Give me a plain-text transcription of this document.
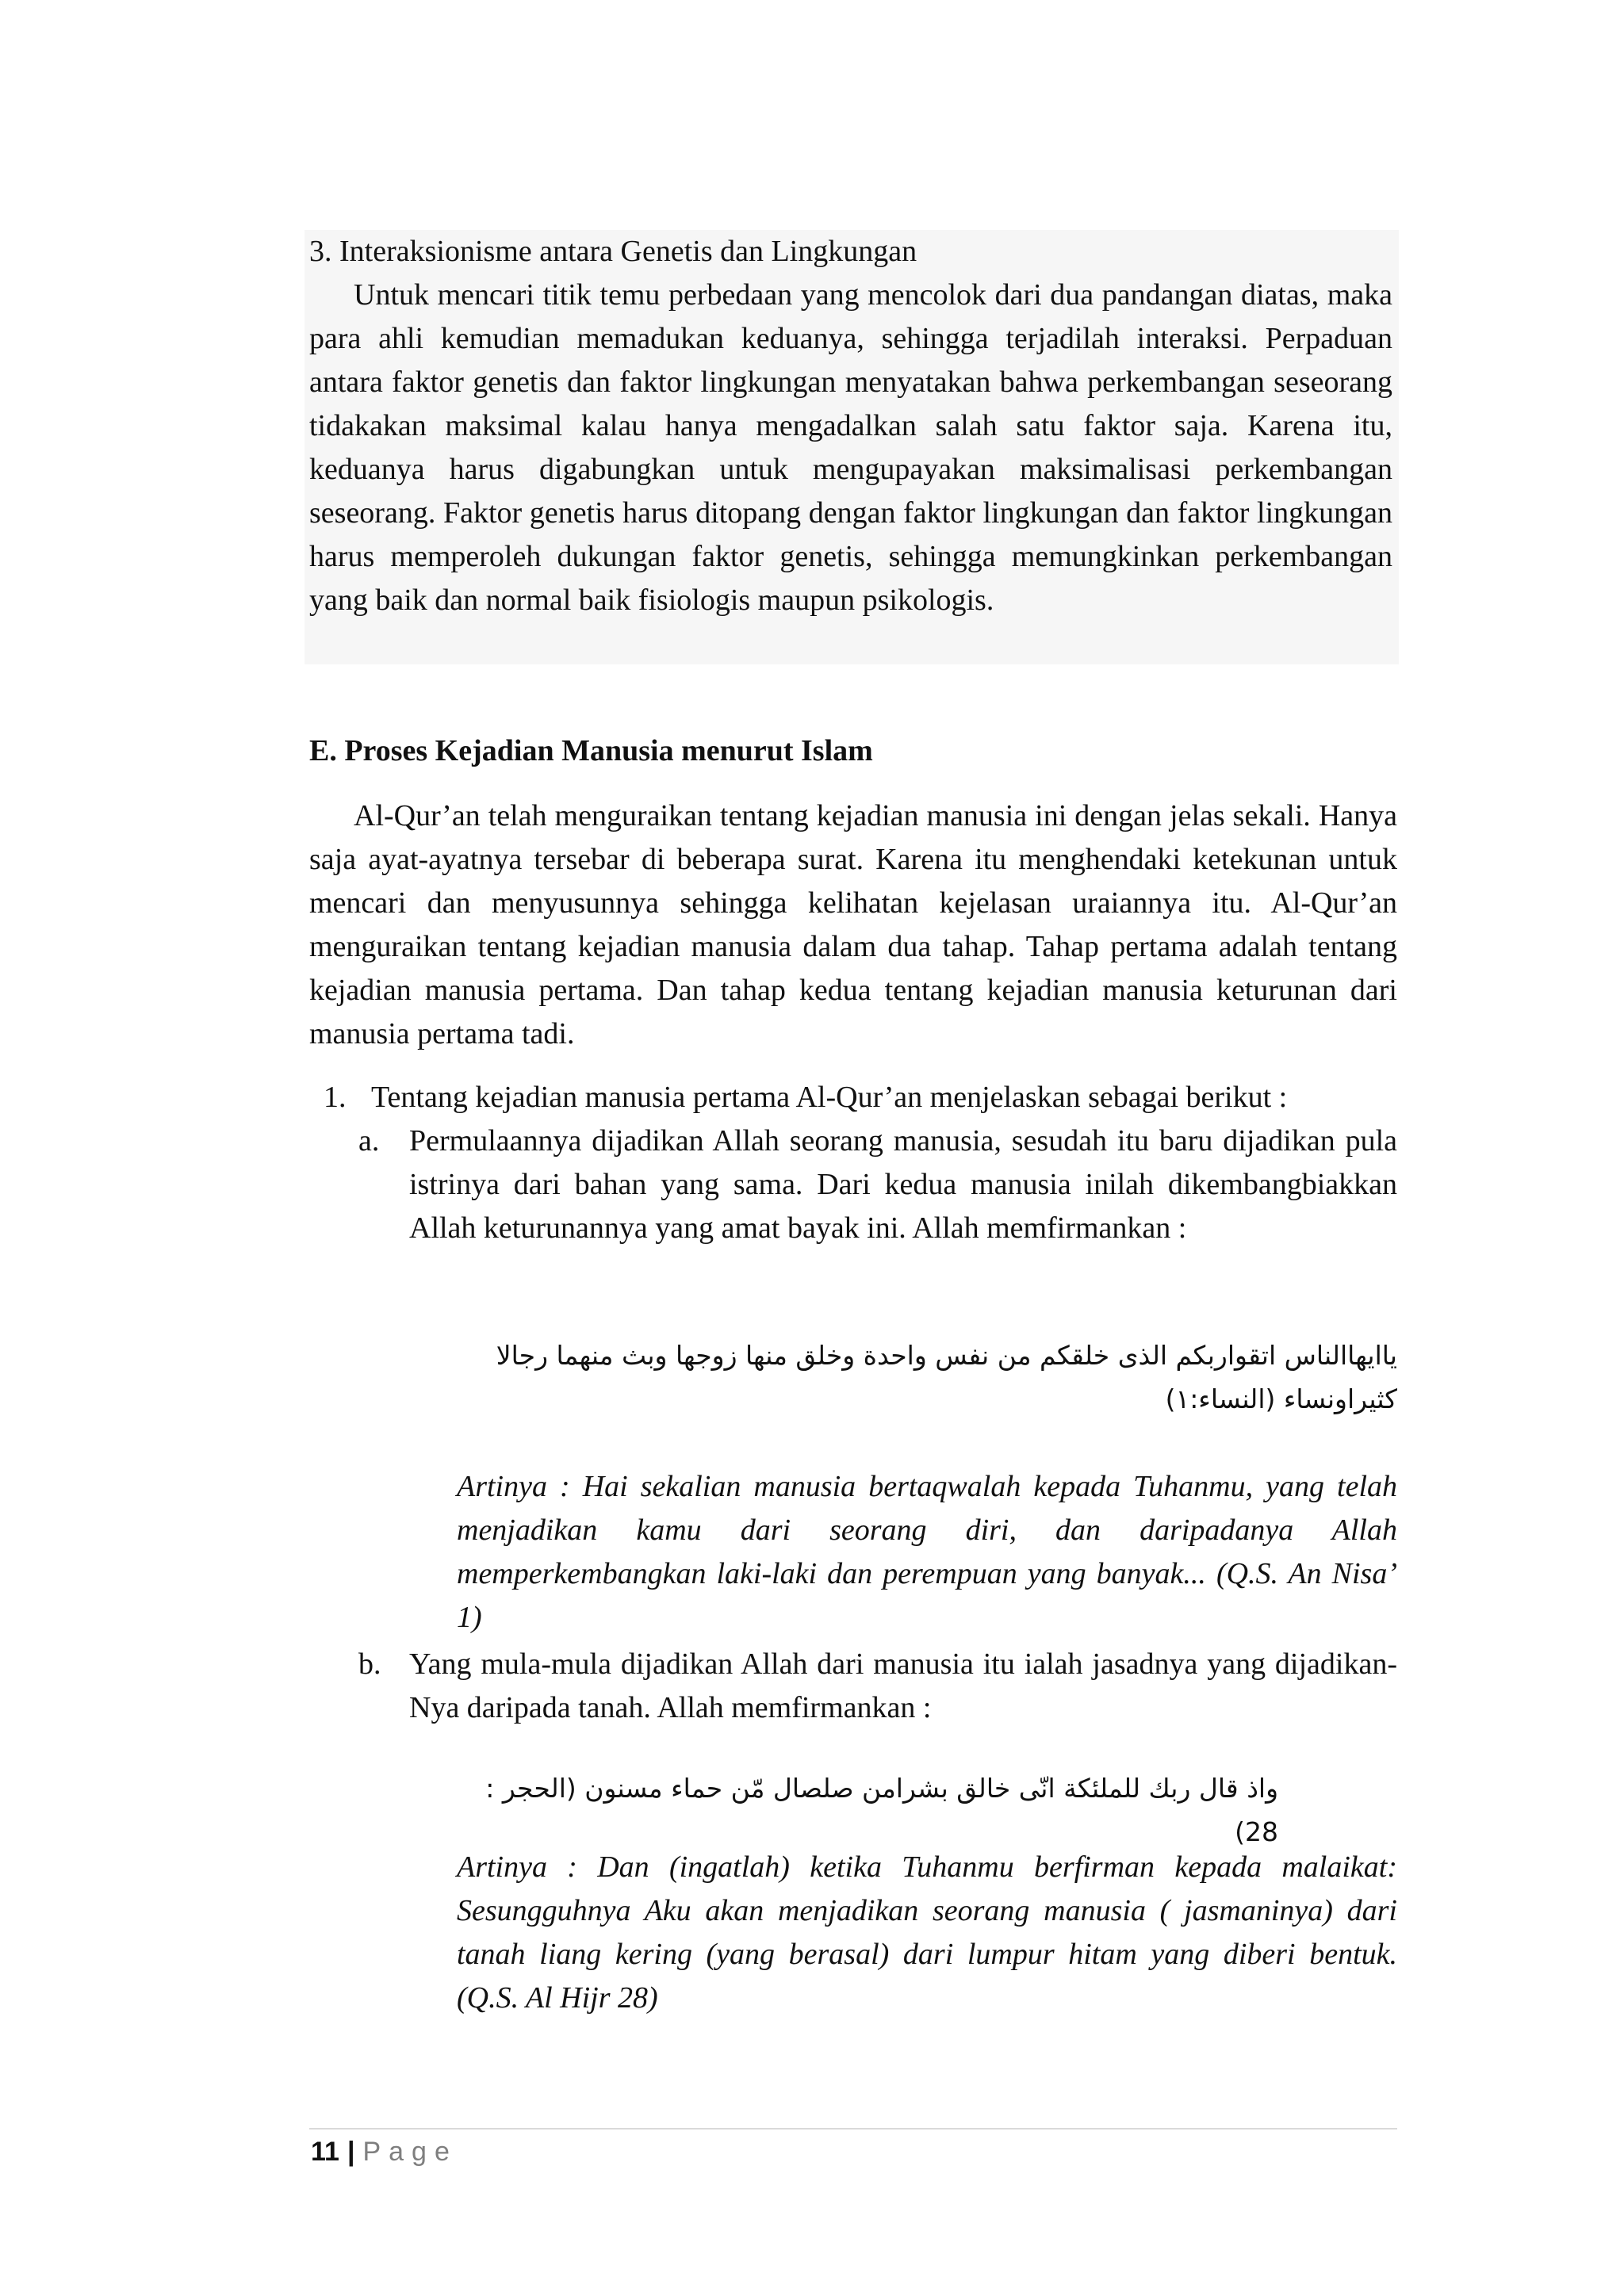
3. Interaksionisme antara Genetis dan Lingkungan
Untuk mencari titik temu perbedaan yang mencolok dari dua pandangan diatas, maka para ahli kemudian memadukan keduanya, sehingga terjadilah interaksi. Perpaduan antara faktor genetis dan faktor lingkungan menyatakan bahwa perkembangan seseorang tidakakan maksimal kalau hanya mengadalkan salah satu faktor saja. Karena itu, keduanya harus digabungkan untuk mengupayakan maksimalisasi perkembangan seseorang. Faktor genetis harus ditopang dengan faktor lingkungan dan faktor lingkungan harus memperoleh dukungan faktor genetis, sehingga memungkinkan perkembangan yang baik dan normal baik fisiologis maupun psikologis.
E. Proses Kejadian Manusia menurut Islam
Al-Qur’an telah menguraikan tentang kejadian manusia ini dengan jelas sekali. Hanya saja ayat-ayatnya tersebar di beberapa surat. Karena itu menghendaki ketekunan untuk mencari dan menyusunnya sehingga kelihatan kejelasan uraiannya itu. Al-Qur’an menguraikan tentang kejadian manusia dalam dua tahap. Tahap pertama adalah tentang kejadian manusia pertama. Dan tahap kedua tentang kejadian manusia keturunan dari manusia pertama tadi.
1. Tentang kejadian manusia pertama Al-Qur’an menjelaskan sebagai berikut :
a. Permulaannya dijadikan Allah seorang manusia, sesudah itu baru dijadikan pula istrinya dari bahan yang sama. Dari kedua manusia inilah dikembangbiakkan Allah keturunannya yang amat bayak ini. Allah memfirmankan :
ياايهاالناس اتقواربكم الذى خلقكم من نفس واحدة وخلق منها زوجها وبث منهما رجالا كثيراونساء (النساء:١)
Artinya : Hai sekalian manusia bertaqwalah kepada Tuhanmu, yang telah menjadikan kamu dari seorang diri, dan daripadanya Allah memperkembangkan laki-laki dan perempuan yang banyak... (Q.S. An Nisa’ 1)
b. Yang mula-mula dijadikan Allah dari manusia itu ialah jasadnya yang dijadikan-Nya daripada tanah. Allah memfirmankan :
واذ قال ربك للملئكة انّى خالق بشرامن صلصال مّن حماء مسنون (الحجر : 28)
Artinya : Dan (ingatlah) ketika Tuhanmu berfirman kepada malaikat: Sesungguhnya Aku akan menjadikan seorang manusia ( jasmaninya) dari tanah liang kering (yang berasal) dari lumpur hitam yang diberi bentuk. (Q.S. Al Hijr 28)
11 | Page
